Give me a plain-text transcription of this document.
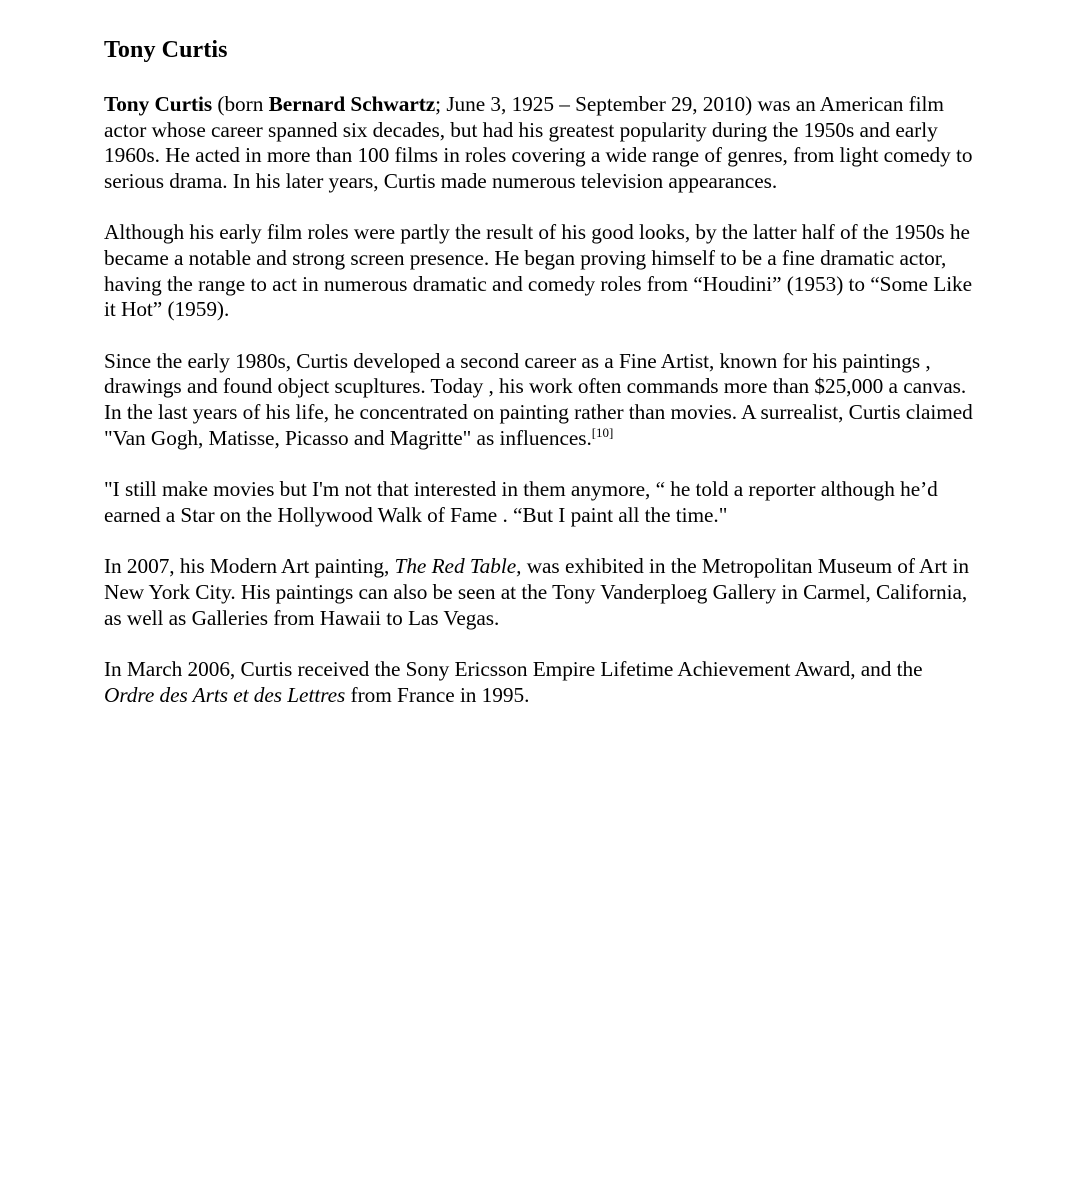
Tony Curtis

Tony Curtis (born Bernard Schwartz; June 3, 1925 – September 29, 2010) was an American film actor whose career spanned six decades, but had his greatest popularity during the 1950s and early 1960s. He acted in more than 100 films in roles covering a wide range of genres, from light comedy to serious drama. In his later years, Curtis made numerous television appearances.

Although his early film roles were partly the result of his good looks, by the latter half of the 1950s he became a notable and strong screen presence. He began proving himself to be a fine dramatic actor, having the range to act in numerous dramatic and comedy roles from “Houdini” (1953) to “Some Like it Hot” (1959).

Since the early 1980s, Curtis developed a second career as a Fine Artist, known for his paintings , drawings and found object scupltures. Today , his work often commands more than $25,000 a canvas. In the last years of his life, he concentrated on painting rather than movies. A surrealist, Curtis claimed "Van Gogh, Matisse, Picasso and Magritte" as influences.[10]

"I still make movies but I'm not that interested in them anymore, “ he told a reporter although he’d earned a Star on the Hollywood Walk of Fame . “But I paint all the time."

In 2007, his Modern Art painting, The Red Table, was exhibited in the Metropolitan Museum of Art in New York City. His paintings can also be seen at the Tony Vanderploeg Gallery in Carmel, California, as well as Galleries from Hawaii to Las Vegas.

In March 2006, Curtis received the Sony Ericsson Empire Lifetime Achievement Award, and the Ordre des Arts et des Lettres from France in 1995.
